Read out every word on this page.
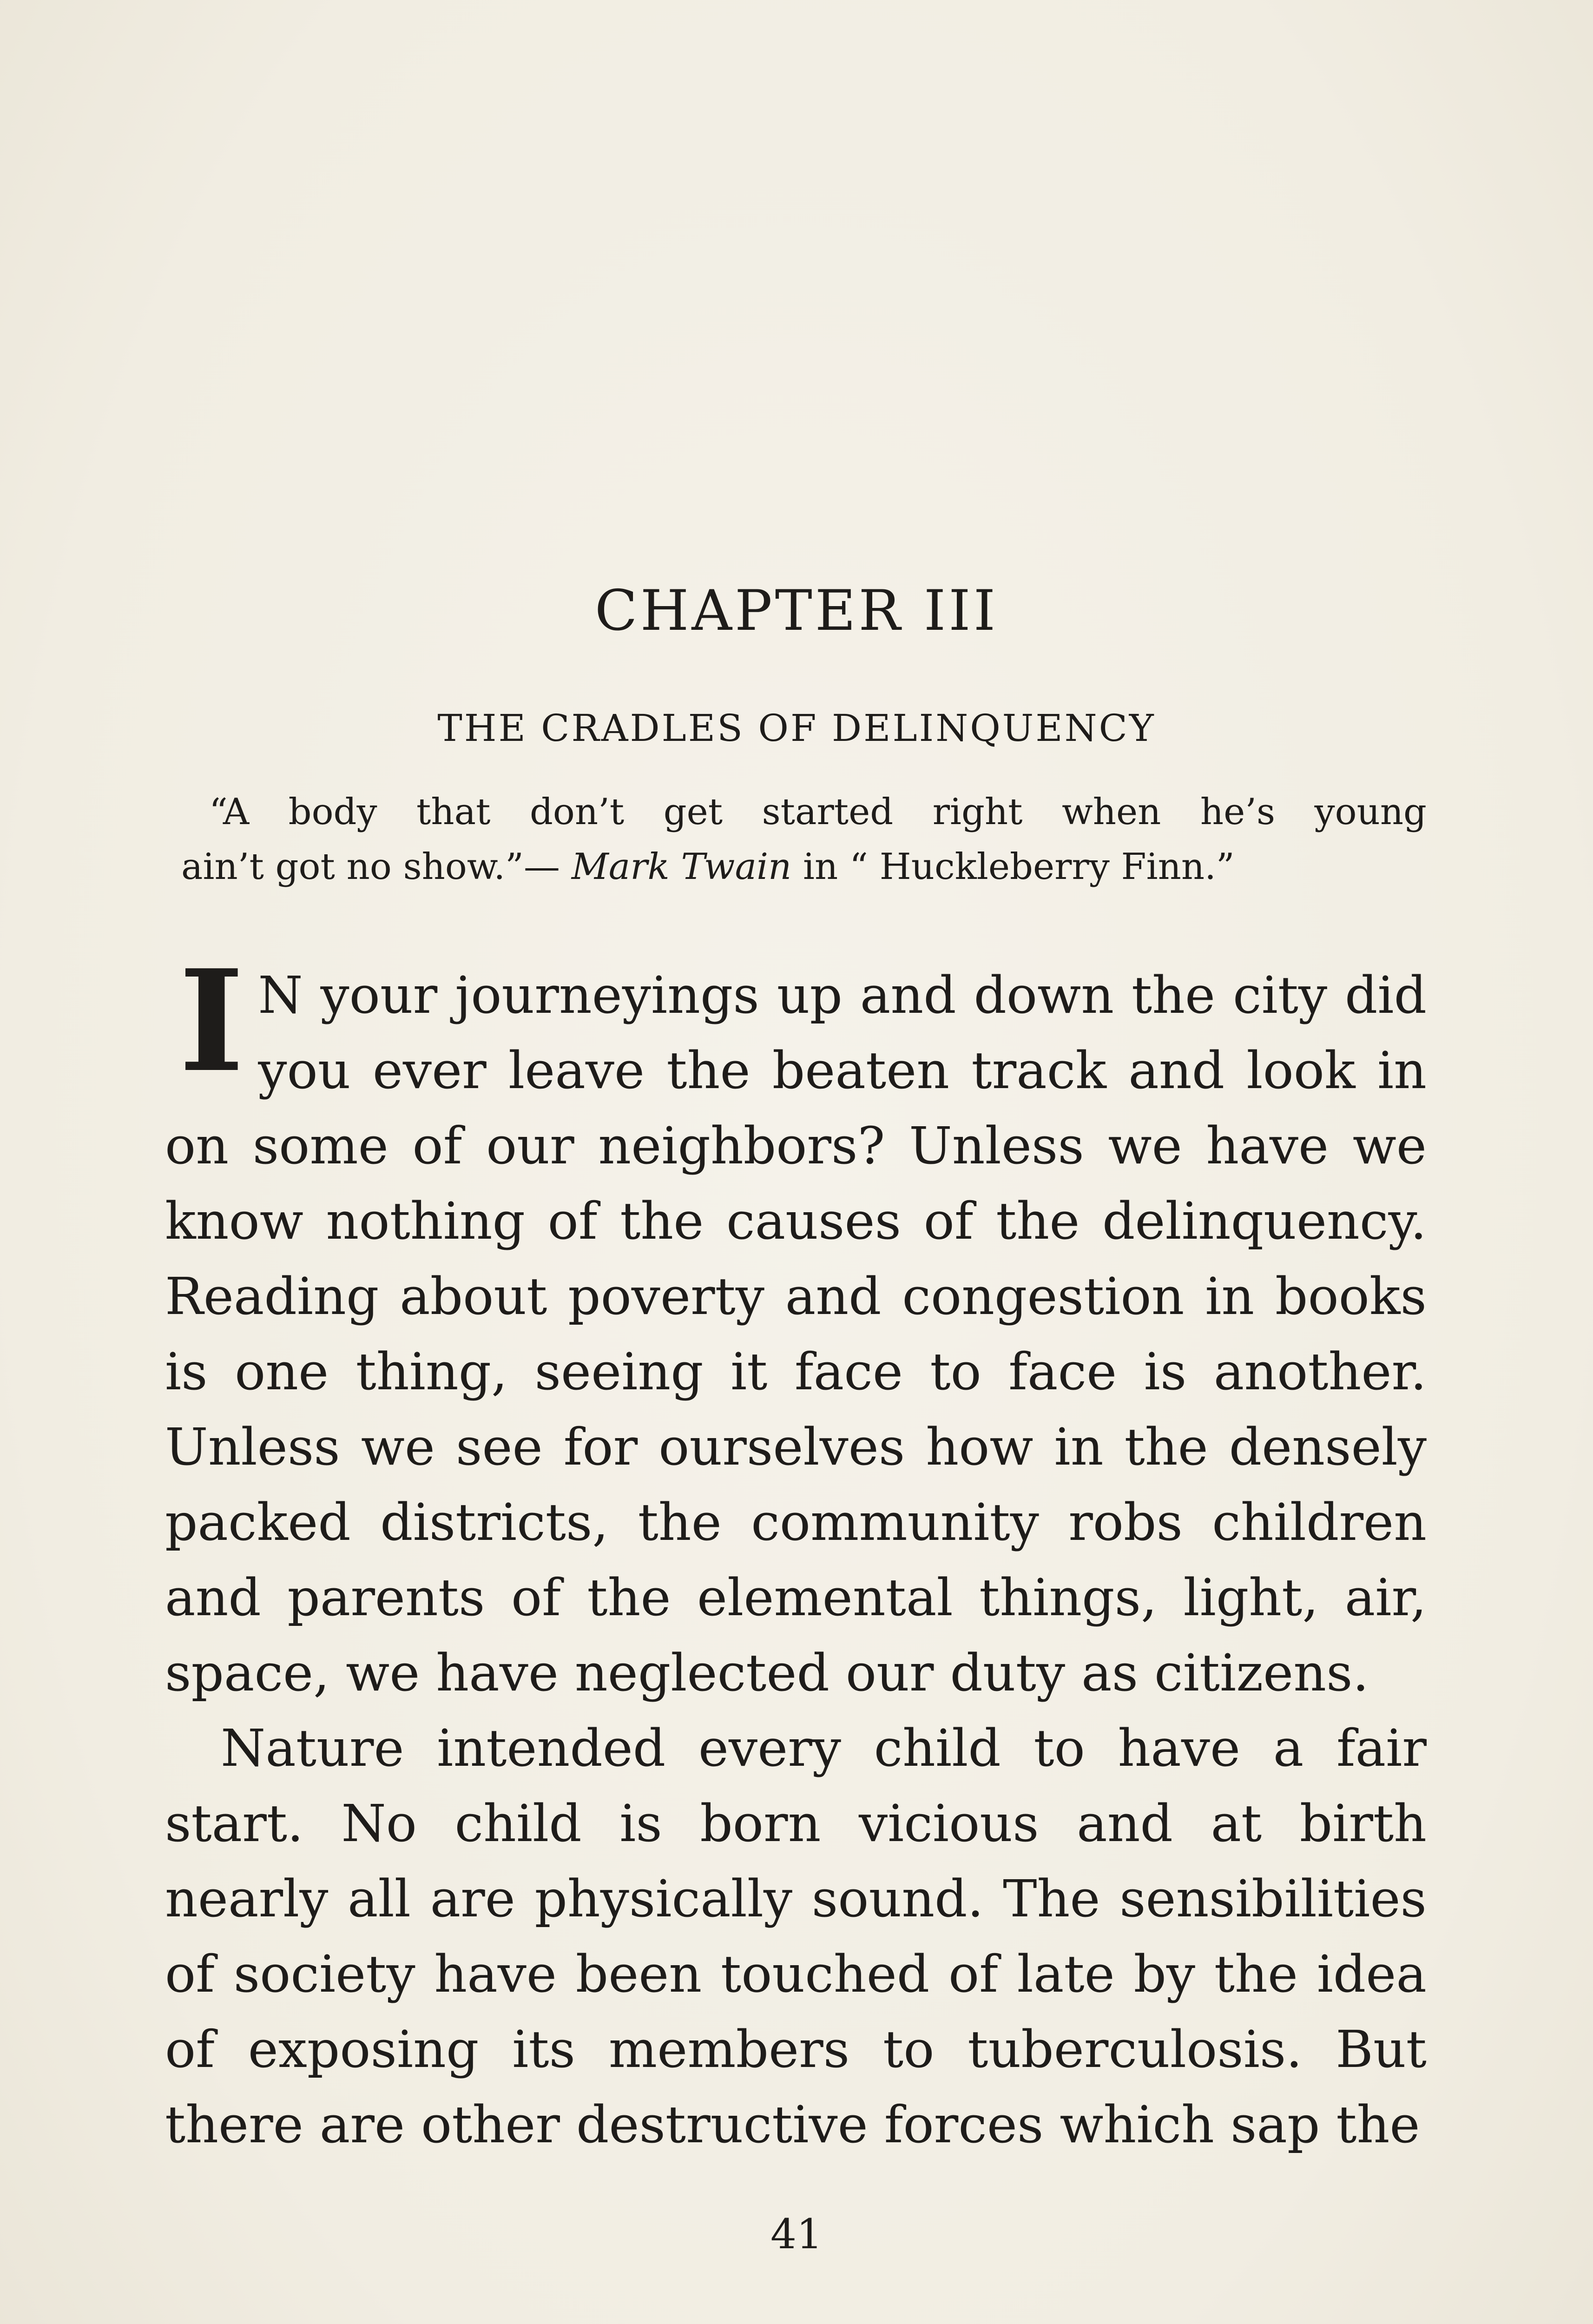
CHAPTER III
THE CRADLES OF DELINQUENCY
“A body that don’t get started right when he’s young
ain’t got no show.”— Mark Twain in “ Huckleberry Finn.”

I N your journeyings up and down the city did you ever leave the beaten track and look in on some of our neighbors? Unless we have we know nothing of the causes of the delinquency. Reading about poverty and congestion in books is one thing, seeing it face to face is another. Unless we see for ourselves how in the densely packed districts, the community robs children and parents of the elemental things, light, air, space, we have neglected our duty as citizens.

Nature intended every child to have a fair start. No child is born vicious and at birth nearly all are physically sound. The sensibilities of society have been touched of late by the idea of exposing its members to tuberculosis. But there are other destructive forces which sap the

41
